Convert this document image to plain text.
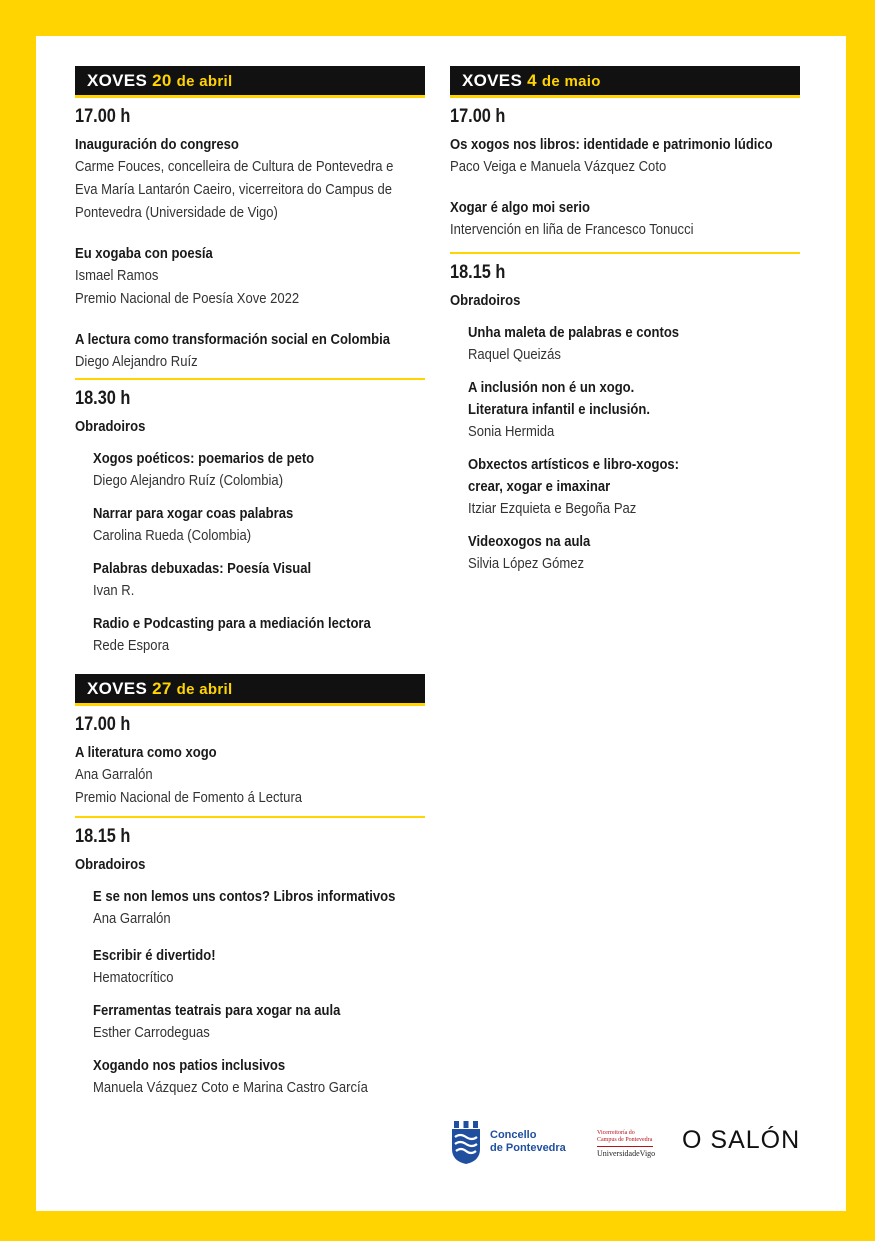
XOVES 20 de abril
17.00 h
Inauguración do congreso
Carme Fouces, concelleira de Cultura de Pontevedra e
Eva María Lantarón Caeiro, vicerreitora do Campus de
Pontevedra (Universidade de Vigo)
Eu xogaba con poesía
Ismael Ramos
Premio Nacional de Poesía Xove 2022
A lectura como transformación social en Colombia
Diego Alejandro Ruíz
18.30 h
Obradoiros
Xogos poéticos: poemarios de peto
Diego Alejandro Ruíz (Colombia)
Narrar para xogar coas palabras
Carolina Rueda (Colombia)
Palabras debuxadas: Poesía Visual
Ivan R.
Radio e Podcasting para a mediación lectora
Rede Espora
XOVES 27 de abril
17.00 h
A literatura como xogo
Ana Garralón
Premio Nacional de Fomento á Lectura
18.15 h
Obradoiros
E se non lemos uns contos? Libros informativos
Ana Garralón
Escribir é divertido!
Hematocrítico
Ferramentas teatrais para xogar na aula
Esther Carrodeguas
Xogando nos patios inclusivos
Manuela Vázquez Coto e Marina Castro García
XOVES 4 de maio
17.00 h
Os xogos nos libros: identidade e patrimonio lúdico
Paco Veiga e Manuela Vázquez Coto
Xogar é algo moi serio
Intervención en liña de Francesco Tonucci
18.15 h
Obradoiros
Unha maleta de palabras e contos
Raquel Queizás
A inclusión non é un xogo.
Literatura infantil e inclusión.
Sonia Hermida
Obxectos artísticos e libro-xogos:
crear, xogar e imaxinar
Itziar Ezquieta e Begoña Paz
Videoxogos na aula
Silvia López Gómez
Concello
de Pontevedra
Vicerreitoría do
Campus de Pontevedra
UniversidadeVigo	O SALÓN
